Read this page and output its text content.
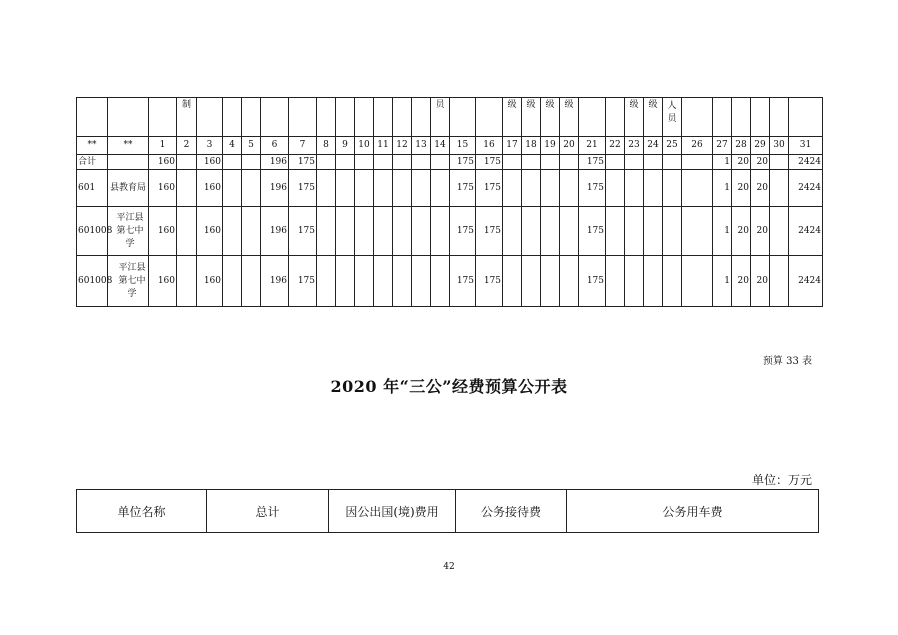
			制												员			级	级	级	级			级	级	人员						
**	**	1	2	3	4	5	6	7	8	9	10	11	12	13	14	15	16	17	18	19	20	21	22	23	24	25	26	27	28	29	30	31
合计		160		160			196	175								175	175					175						1	20	20		2424
601	县教育局	160		160			196	175								175	175					175						1	20	20		2424
601008	平江县第七中学	160		160			196	175								175	175					175						1	20	20		2424
601008	平江县第七中学	160		160			196	175								175	175					175						1	20	20		2424
预算 33 表
2020 年“三公”经费预算公开表
单位：万元
单位名称	总计	因公出国(境)费用	公务接待费	公务用车费
42
